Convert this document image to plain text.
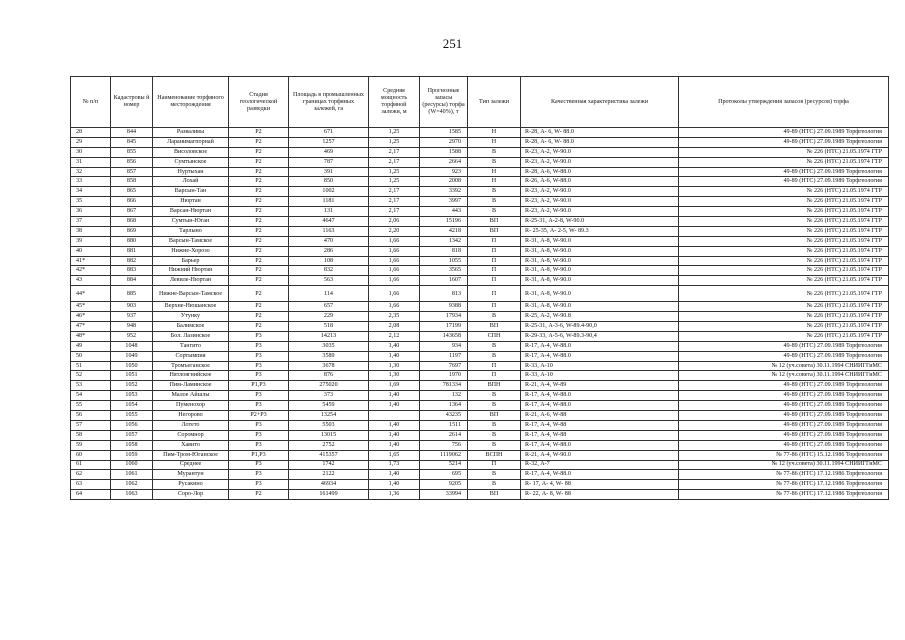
251
№ п/п	Кадастровы й номер	Наименование торфяного месторождения	Стадия геологической разведки	Площадь в промышленных границах торфяных залежей, га	Средняя мощность торфяной залежи, м	Прогнозные запасы (ресурсы) торфа (W=40%), т	Тип залежи	Качественная характеристика залежи	Протоколы утверждения запасов (ресурсов) торфа
28	844	Разваливы	P2	671	1,25	1585	Н	R-28, А- 6, W- 88.0	49-89 (НТС) 27.09.1989 Торфгеология
29	845	Ларанимагпорнай	P2	1257	1,25	2970	Н	R-28, А- 6, W- 88.0	49-89 (НТС) 27.09.1989 Торфгеология
30	855	Висоловское	P2	469	2,17	1588	В	R-23, А-2, W-90.0	№ 226 (НТС) 21.05.1974 ГТР
31	856	Сумтынское	P2	787	2,17	2664	В	R-23, А-2, W-90.0	№ 226 (НТС) 21.05.1974 ГТР
32	857	Нуртыхан	P2	391	1,25	923	Н	R-28, А-6, W-88.0	49-89 (НТС) 27.09.1989 Торфгеология
33	858	Лохай	P2	850	1,25	2008	Н	R-26, А-6, W-88.0	49-89 (НТС) 27.09.1989 Торфгеология
34	865	Варсын-Тан	P2	1002	2,17	3392	В	R-23, А-2, W-90.0	№ 226 (НТС) 21.05.1974 ГТР
35	866	Нюртан	P2	1181	2,17	3997	В	R-23, А-2, W-90.0	№ 226 (НТС) 21.05.1974 ГТР
36	867	Варсан-Нюртан	P2	131	2,17	443	В	R-23, А-2, W-90.0	№ 226 (НТС) 21.05.1974 ГТР
37	868	Сумтын-Юган	P2	4647	2,06	15196	ВП	R-25-31, А-2-8, W-90.0	№ 226 (НТС) 21.05.1974 ГТР
38	869	Тарлыно	P2	1163	2,20	4218	ВП	R- 25-35, А- 2-5, W- 89.3	№ 226 (НТС) 21.05.1974 ГТР
39	880	Варсын-Тамское	P2	470	1,66	1342	П	R-31, А-8, W-90.0	№ 226 (НТС) 21.05.1974 ГТР
40	881	Нижне-Хорозо	P2	286	1,66	818	П	R-31, А-8, W-90.0	№ 226 (НТС) 21.05.1974 ГТР
41*	882	Барьер	P2	108	1,66	1055	П	R-31, А-8, W-90.0	№ 226 (НТС) 21.05.1974 ГТР
42*	883	Нижний Нюртан	P2	832	1,66	3565	П	R-31, А-8, W-90.0	№ 226 (НТС) 21.05.1974 ГТР
43	884	Левиле-Нюртан	P2	563	1,66	1607	П	R-31, А-8, W-90.0	№ 226 (НТС) 21.05.1974 ГТР
44*	885	Нижне-Варсын-Тамское	P2	114	1,66	813	П	R-31, А-8, W-90.0	№ 226 (НТС) 21.05.1974 ГТР
45*	903	Верхне-Нюшанское	P2	657	1,66	9388	П	R-31, А-8, W-90.0	№ 226 (НТС) 21.05.1974 ГТР
46*	937	Утунку	P2	229	2,35	17934	В	R-25, А-2, W-90.8	№ 226 (НТС) 21.05.1974 ГТР
47*	948	Балимское	P2	518	2,08	17199	ВП	R-25-31, А-3-6, W-89.4-90,0	№ 226 (НТС) 21.05.1974 ГТР
48*	952	Бол. Лазинское	P3	14213	2,12	143658	СПН	R-29-33, А-5-6, W-89.3-90,4	№ 226 (НТС) 21.05.1974 ГТР
49	1048	Тангито	P3	3035	1,40	934	В	R-17, А-4, W-88.0	49-89 (НТС) 27.09.1989 Торфгеология
50	1049	Сортымпия	P3	3589	1,40	1197	В	R-17, А-4, W-88.0	49-89 (НТС) 27.09.1989 Торфгеология
51	1050	Тромъеганское	P3	3678	1,30	7697	П	R-33, А-10	№ 12 (уч.совета) 30.11.1994 СНИИГГиМС
52	1051	Нятлоягнийское	P3	876	1,30	1970	П	R-33, А-10	№ 12 (уч.совета) 30.11.1994 СНИИГГиМС
53	1052	Пим-Ламинское	P1,P3	275020	1,69	781334	ВПН	R-21, А-4, W-89	49-89 (НТС) 27.09.1989 Торфгеология
54	1053	Малое Айшлы	P3	373	1,40	132	В	R-17, А-4, W-88.0	49-89 (НТС) 27.09.1989 Торфгеология
55	1054	Пуменохор	P3	5459	1,40	1364	В	R-17, А-4, W-88.0	49-89 (НТС) 27.09.1989 Торфгеология
56	1055	Негорово	P2+P3	13254		43235	ВП	R-21, А-6, W-88	49-89 (НТС) 27.09.1989 Торфгеология
57	1056	Лотето	P3	5503	1,40	1511	В	R-17, А-4, W-88	49-89 (НТС) 27.09.1989 Торфгеология
58	1057	Соромнор	P3	13015	1,40	2614	В	R-17, А-4, W-88	49-89 (НТС) 27.09.1989 Торфгеология
59	1058	Хавито	P3	2752	1,40	756	В	R-17, А-4, W-88.0	49-89 (НТС) 27.09.1989 Торфгеология
60	1059	Пим-Тром-Юганское	P1,P3	415357	1,65	1119062	ВСПН	R-21, А-4, W-90.0	№ 77-86 (НТС) 15.12.1986 Торфгеология
61	1060	Среднее	P3	1742	1,73	5214	П	R-32, А-7	№ 12 (уч.совета) 30.11.1994 СНИИГГиМС
62	1061	Мурантун	P3	2122	1,40	695	В	R-17, А-4, W-88.0	№ 77-86 (НТС) 17.12.1986 Торфгеология
63	1062	Русакино	P3	46934	1,40	9205	В	R- 17, А- 4, W- 88	№ 77-86 (НТС) 17.12.1986 Торфгеология
64	1063	Соро-Лор	P2	161499	1,36	33994	ВП	R- 22, А- 8, W- 88	№ 77-86 (НТС) 17.12.1986 Торфгеология
